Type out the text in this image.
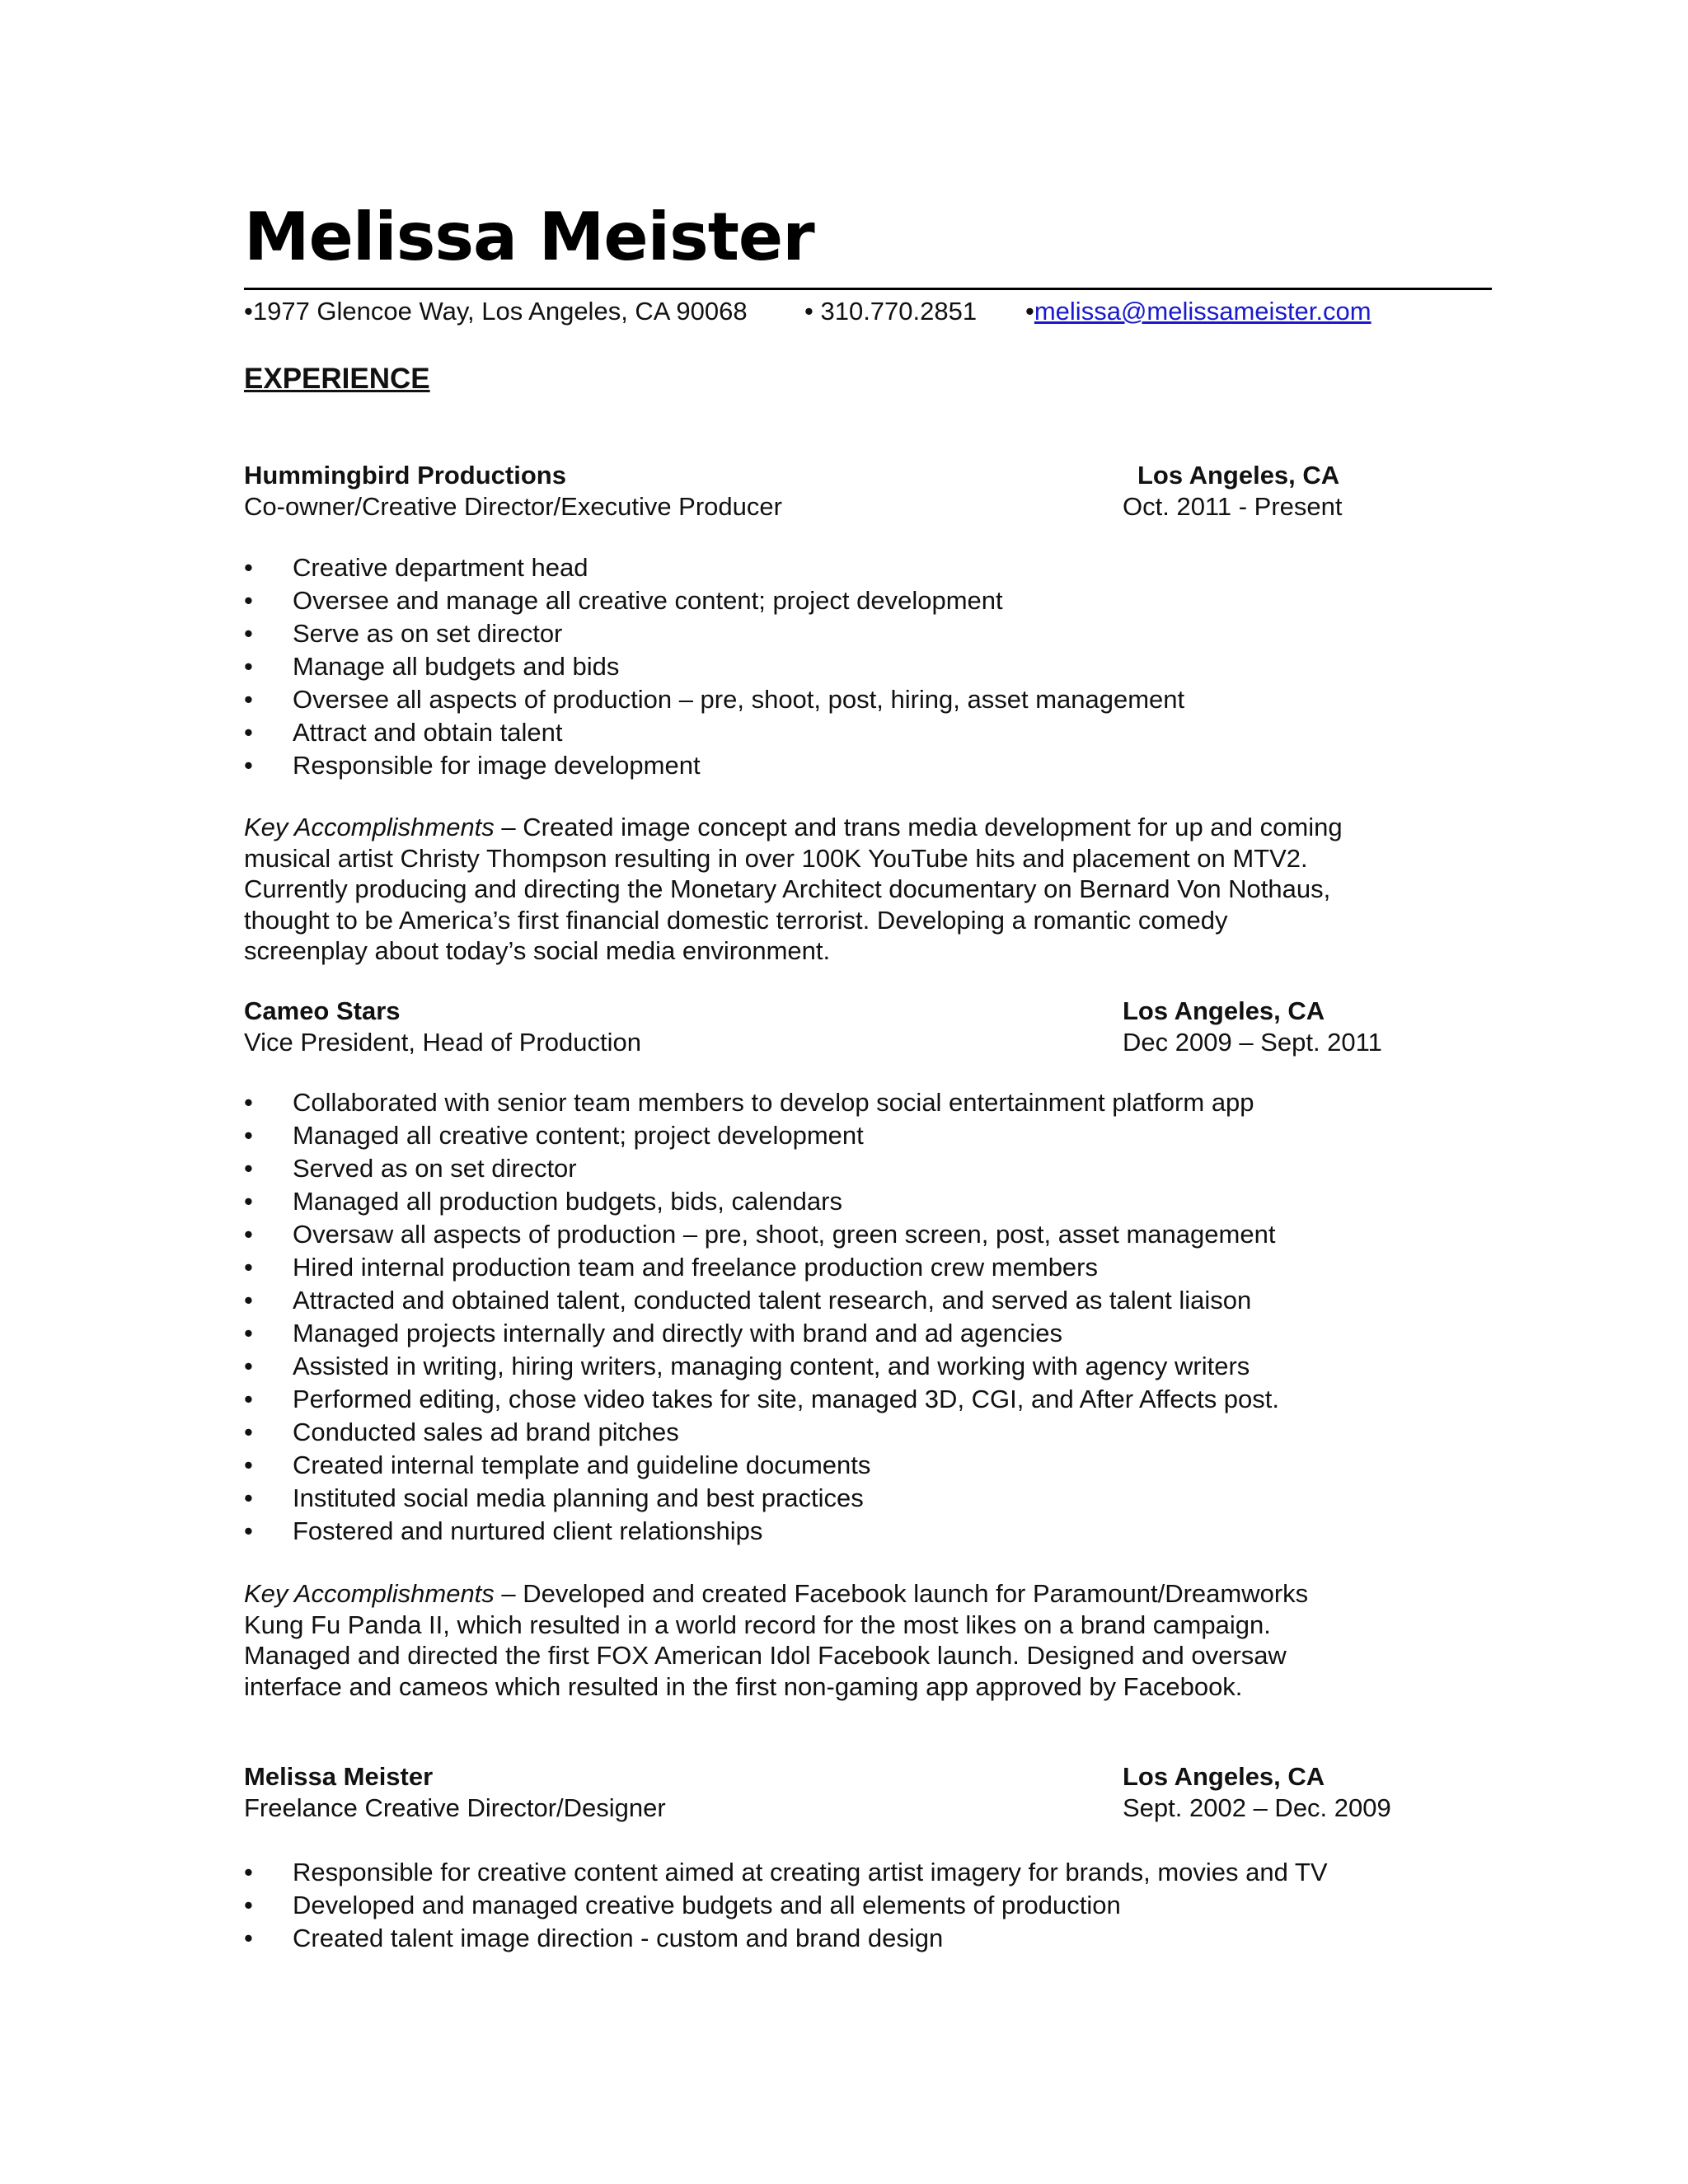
Melissa Meister
•1977 Glencoe Way, Los Angeles, CA 90068 • 310.770.2851 •melissa@melissameister.com
EXPERIENCE
Hummingbird Productions	Los Angeles, CA
Co-owner/Creative Director/Executive Producer	Oct. 2011 - Present
• Creative department head
• Oversee and manage all creative content; project development
• Serve as on set director
• Manage all budgets and bids
• Oversee all aspects of production – pre, shoot, post, hiring, asset management
• Attract and obtain talent
• Responsible for image development
Key Accomplishments – Created image concept and trans media development for up and coming
musical artist Christy Thompson resulting in over 100K YouTube hits and placement on MTV2.
Currently producing and directing the Monetary Architect documentary on Bernard Von Nothaus,
thought to be America’s first financial domestic terrorist. Developing a romantic comedy
screenplay about today’s social media environment.
Cameo Stars	Los Angeles, CA
Vice President, Head of Production	Dec 2009 – Sept. 2011
• Collaborated with senior team members to develop social entertainment platform app
• Managed all creative content; project development
• Served as on set director
• Managed all production budgets, bids, calendars
• Oversaw all aspects of production – pre, shoot, green screen, post, asset management
• Hired internal production team and freelance production crew members
• Attracted and obtained talent, conducted talent research, and served as talent liaison
• Managed projects internally and directly with brand and ad agencies
• Assisted in writing, hiring writers, managing content, and working with agency writers
• Performed editing, chose video takes for site, managed 3D, CGI, and After Affects post.
• Conducted sales ad brand pitches
• Created internal template and guideline documents
• Instituted social media planning and best practices
• Fostered and nurtured client relationships
Key Accomplishments – Developed and created Facebook launch for Paramount/Dreamworks
Kung Fu Panda II, which resulted in a world record for the most likes on a brand campaign.
Managed and directed the first FOX American Idol Facebook launch. Designed and oversaw
interface and cameos which resulted in the first non-gaming app approved by Facebook.
Melissa Meister	Los Angeles, CA
Freelance Creative Director/Designer	Sept. 2002 – Dec. 2009
• Responsible for creative content aimed at creating artist imagery for brands, movies and TV
• Developed and managed creative budgets and all elements of production
• Created talent image direction - custom and brand design
